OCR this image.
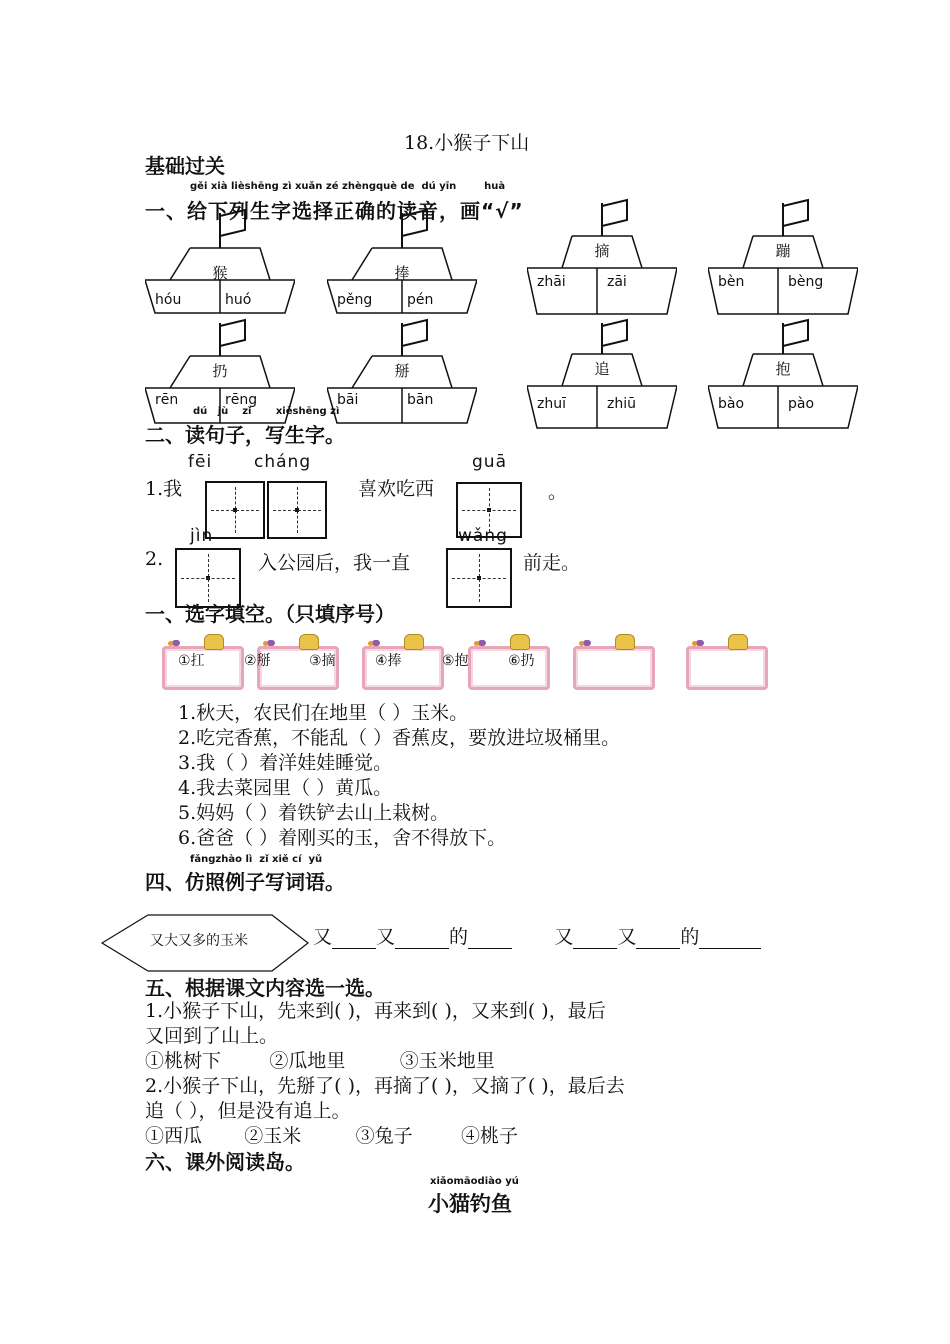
18.小猴子下山
基础过关
gěi xià lièshēng zì xuǎn zé zhèngquè de dú yīn	huà
一、给下列生字选择正确的读音，画“√”
猴
hóu	huó
捧
pěng pén
摘
zhāi	zāi
蹦
bèn	bèng
扔
rēn	rēng
掰
bāi	bān
追
zhuī	zhiū
抱
bào	pào
dú jù zǐ xiěshēng zì
二、读句子，写生字。
fēi cháng	guā
1.我	喜欢吃西	。
jìn	wǎng
2.	入公园后，我一直	前走。
一、选字填空。（只填序号）
①扛	②掰	③摘	④捧	⑤抱	⑥扔
1.秋天，农民们在地里（ ）玉米。
2.吃完香蕉，不能乱（ ）香蕉皮，要放进垃圾桶里。
3.我（ ）着洋娃娃睡觉。
4.我去菜园里（ ）黄瓜。
5.妈妈（ ）着铁铲去山上栽树。
6.爸爸（ ）着刚买的玉，舍不得放下。
fǎngzhào lì zǐ xiě cí yǔ
四、仿照例子写词语。
又大又多的玉米	又 又	的	又 又 的
五、根据课文内容选一选。
1.小猴子下山，先来到( )，再来到( )，又来到( )，最后
又回到了山上。
①桃树下	②瓜地里	③玉米地里
2.小猴子下山，先掰了( )，再摘了( )，又摘了( )，最后去
追（ ），但是没有追上。
①西瓜 ②玉米	③兔子	④桃子
六、课外阅读岛。
xiǎomāodiào yú
小猫钓鱼
